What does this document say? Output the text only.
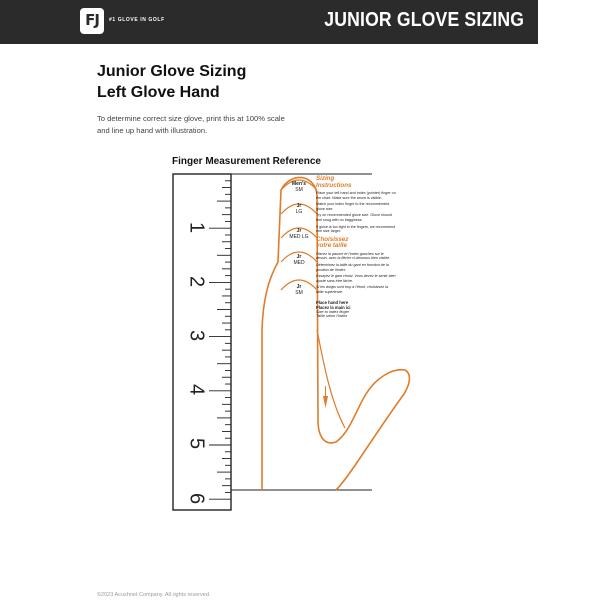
FJ	#1 GLOVE IN GOLF	JUNIOR GLOVE SIZING
Junior Glove Sizing
Left Glove Hand
To determine correct size glove, print this at 100% scale
and line up hand with illustration.
Finger Measurement Reference
1
2
3
4
5
6
Men's
SM
Jr
LG
Jr
MED LG
Jr
MED
Jr
SM
Sizing
Instructions
Place your left hand and index (pointer) finger on the chart. Make sure the arrow is visible.
Match your index finger to the recommended glove size.
Try on recommended glove size. Glove should feel snug with no bagginess.
If glove is too tight in the fingers, we recommend one size larger.
Choisissez
votre taille
Placez la paume et l'index gauches sur le dessin, avec la flèche ci-dessous bien visible.
Déterminez la taille du gant en fonction de la position de l'index.
Essayez le gant choisi. Vous devez le sentir bien ajusté sans être lâche.
Si les doigts sont trop à l'étroit, choisissez la taille supérieure.
Place hand here
Placez la main ici
Size to index finger
Taille selon l'index
©2023 Acushnet Company. All rights reserved.
